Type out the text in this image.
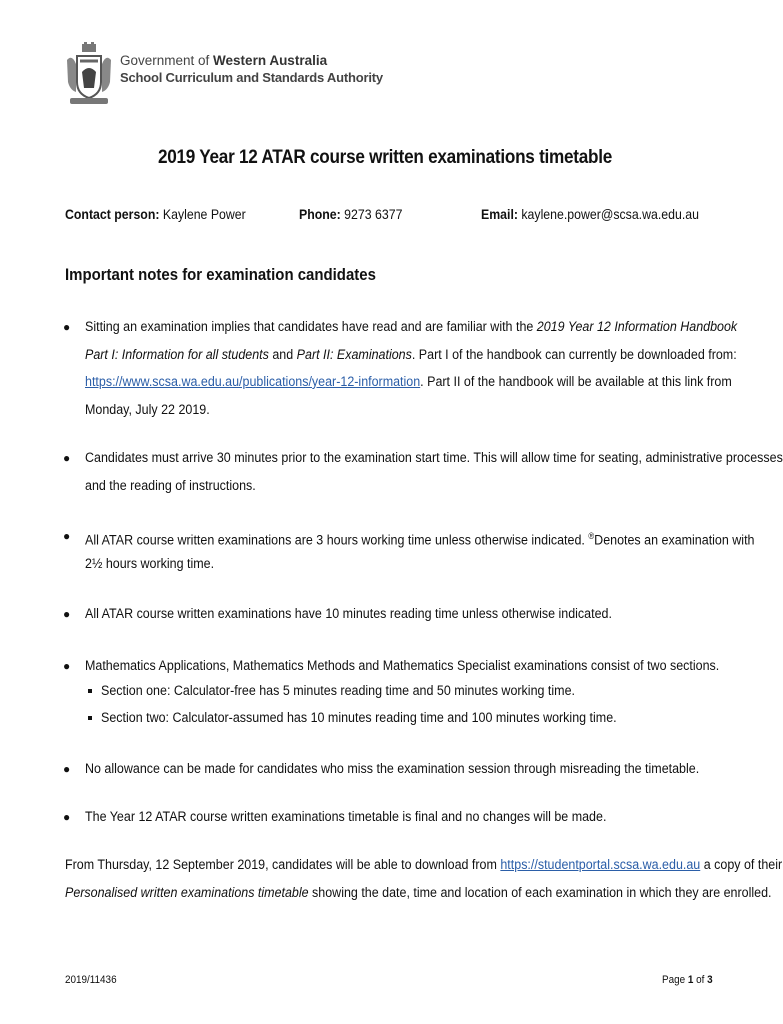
Government of Western Australia
School Curriculum and Standards Authority
2019 Year 12 ATAR course written examinations timetable
Contact person: Kaylene Power	Phone: 9273 6377	Email: kaylene.power@scsa.wa.edu.au
Important notes for examination candidates
● Sitting an examination implies that candidates have read and are familiar with the 2019 Year 12 Information Handbook
Part I: Information for all students and Part II: Examinations. Part I of the handbook can currently be downloaded from:
https://www.scsa.wa.edu.au/publications/year-12-information. Part II of the handbook will be available at this link from
Monday, July 22 2019.
● Candidates must arrive 30 minutes prior to the examination start time. This will allow time for seating, administrative processes
and the reading of instructions.
● All ATAR course written examinations are 3 hours working time unless otherwise indicated. ®Denotes an examination with
2½ hours working time.
● All ATAR course written examinations have 10 minutes reading time unless otherwise indicated.
● Mathematics Applications, Mathematics Methods and Mathematics Specialist examinations consist of two sections.
Section one: Calculator-free has 5 minutes reading time and 50 minutes working time.
Section two: Calculator-assumed has 10 minutes reading time and 100 minutes working time.
● No allowance can be made for candidates who miss the examination session through misreading the timetable.
● The Year 12 ATAR course written examinations timetable is final and no changes will be made.
From Thursday, 12 September 2019, candidates will be able to download from https://studentportal.scsa.wa.edu.au a copy of their
Personalised written examinations timetable showing the date, time and location of each examination in which they are enrolled.
2019/11436	Page 1 of 3
